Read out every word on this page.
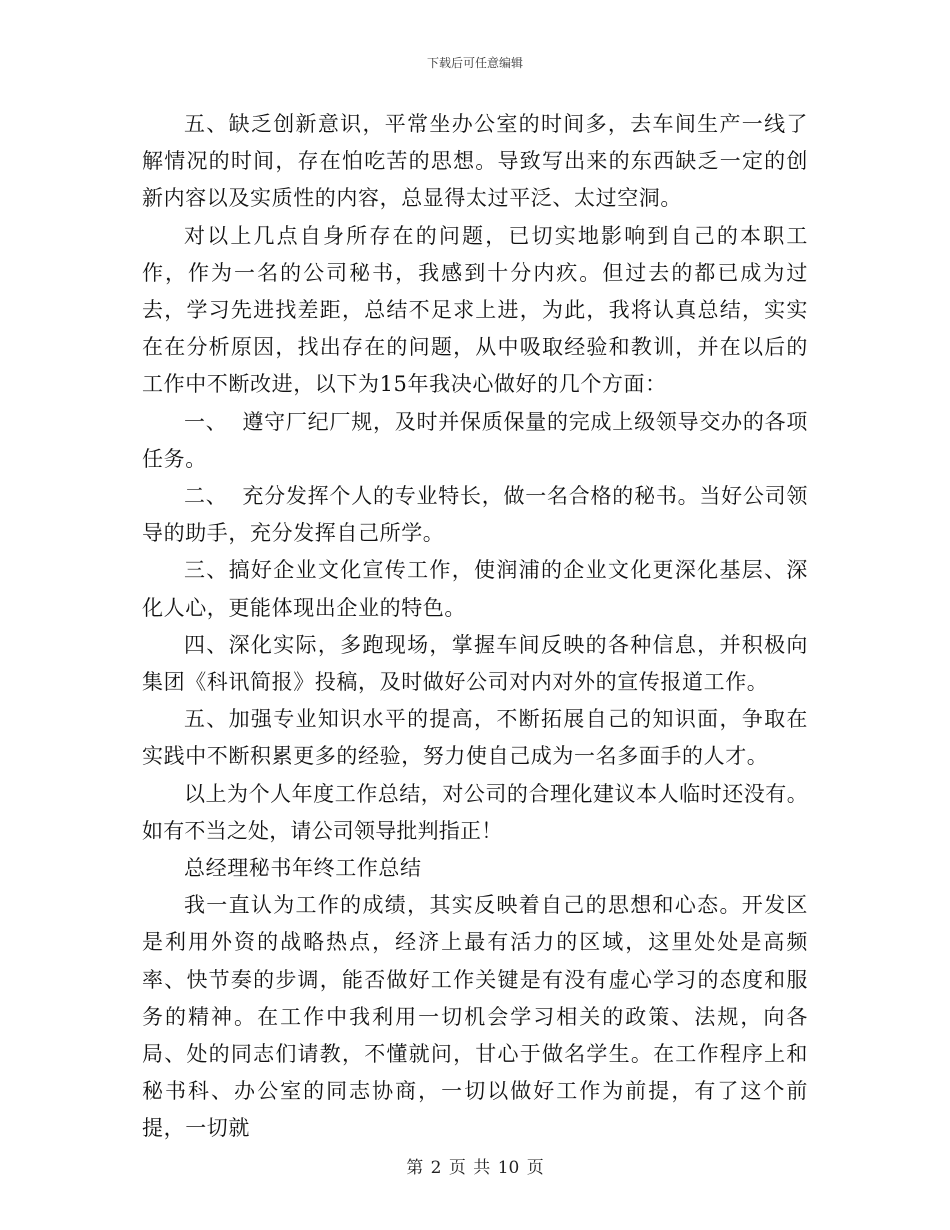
下载后可任意编辑

五、缺乏创新意识，平常坐办公室的时间多，去车间生产一线了解情况的时间，存在怕吃苦的思想。导致写出来的东西缺乏一定的创新内容以及实质性的内容，总显得太过平泛、太过空洞。

对以上几点自身所存在的问题，已切实地影响到自己的本职工作，作为一名的公司秘书，我感到十分内疚。但过去的都已成为过去，学习先进找差距，总结不足求上进，为此，我将认真总结，实实在在分析原因，找出存在的问题，从中吸取经验和教训，并在以后的工作中不断改进，以下为15年我决心做好的几个方面：

一、  遵守厂纪厂规，及时并保质保量的完成上级领导交办的各项任务。

二、  充分发挥个人的专业特长，做一名合格的秘书。当好公司领导的助手，充分发挥自己所学。

三、搞好企业文化宣传工作，使润浦的企业文化更深化基层、深化人心，更能体现出企业的特色。

四、深化实际，多跑现场，掌握车间反映的各种信息，并积极向集团《科讯简报》投稿，及时做好公司对内对外的宣传报道工作。

五、加强专业知识水平的提高，不断拓展自己的知识面，争取在实践中不断积累更多的经验，努力使自己成为一名多面手的人才。

以上为个人年度工作总结，对公司的合理化建议本人临时还没有。如有不当之处，请公司领导批判指正！

总经理秘书年终工作总结

我一直认为工作的成绩，其实反映着自己的思想和心态。开发区是利用外资的战略热点，经济上最有活力的区域，这里处处是高频率、快节奏的步调，能否做好工作关键是有没有虚心学习的态度和服务的精神。在工作中我利用一切机会学习相关的政策、法规，向各局、处的同志们请教，不懂就问，甘心于做名学生。在工作程序上和秘书科、办公室的同志协商，一切以做好工作为前提，有了这个前提，一切就

第 2 页 共 10 页
